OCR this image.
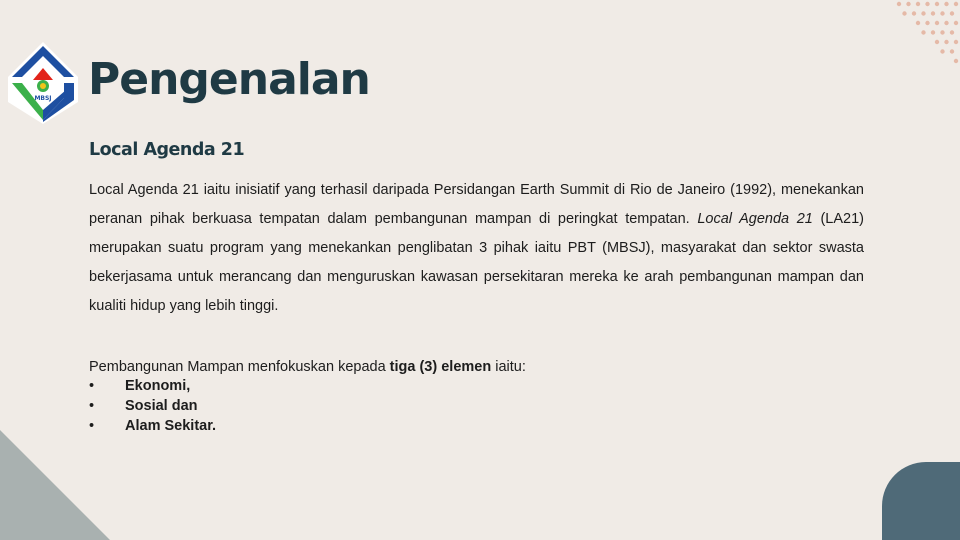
MBSJ Pengenalan
Local Agenda 21

Local Agenda 21 iaitu inisiatif yang terhasil daripada Persidangan Earth Summit di Rio de Janeiro (1992), menekankan peranan pihak berkuasa tempatan dalam pembangunan mampan di peringkat tempatan. Local Agenda 21 (LA21) merupakan suatu program yang menekankan penglibatan 3 pihak iaitu PBT (MBSJ), masyarakat dan sektor swasta bekerjasama untuk merancang dan menguruskan kawasan persekitaran mereka ke arah pembangunan mampan dan kualiti hidup yang lebih tinggi.

Pembangunan Mampan menfokuskan kepada tiga (3) elemen iaitu:

•	Ekonomi,
•	Sosial dan
•	Alam Sekitar.
